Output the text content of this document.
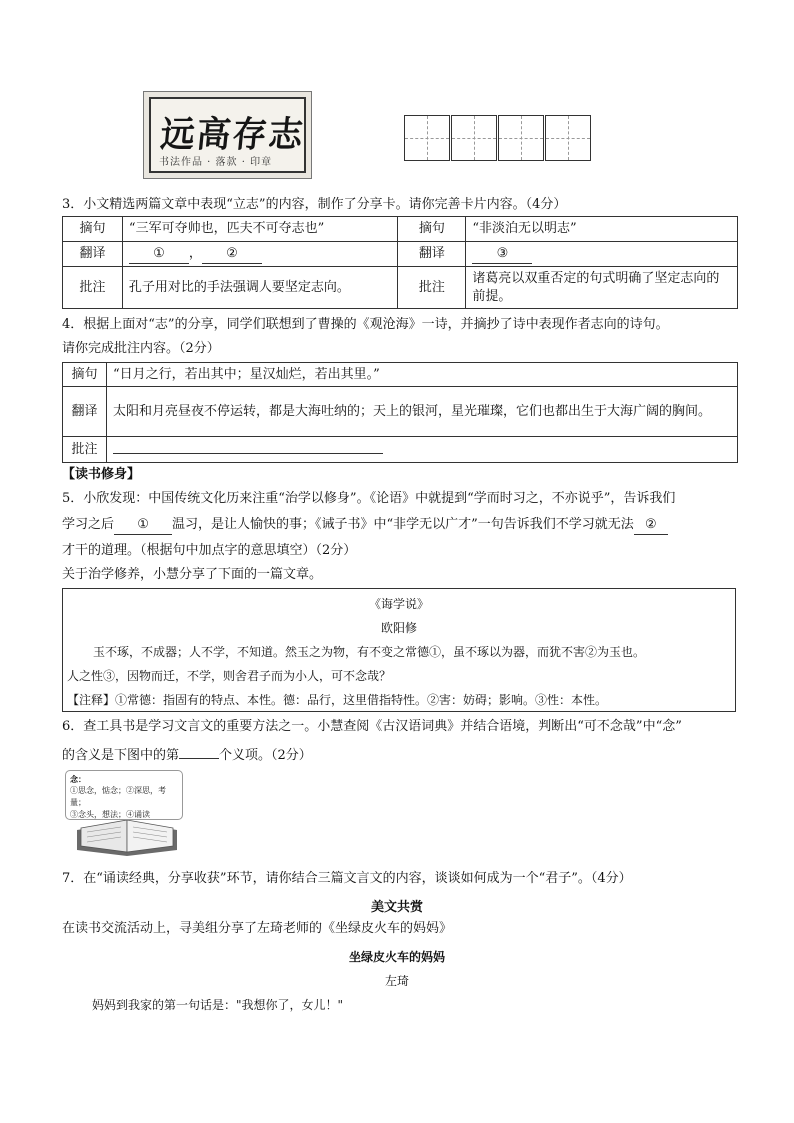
志存高远
书法作品 · 落款 · 印章
3．小文精选两篇文章中表现“立志”的内容，制作了分享卡。请你完善卡片内容。（4分）
摘句	“三军可夺帅也，匹夫不可夺志也”	摘句	“非淡泊无以明志”
翻译	① ， ②	翻译	③
批注	孔子用对比的手法强调人要坚定志向。	批注	诸葛亮以双重否定的句式明确了坚定志向的前提。
4．根据上面对“志”的分享，同学们联想到了曹操的《观沧海》一诗，并摘抄了诗中表现作者志向的诗句。
请你完成批注内容。（2分）
摘句	“日月之行，若出其中；星汉灿烂，若出其里。”
翻译	太阳和月亮昼夜不停运转，都是大海吐纳的；天上的银河，星光璀璨，它们也都出生于大海广阔的胸间。
批注	
【读书修身】
5．小欣发现：中国传统文化历来注重“治学以修身”。《论语》中就提到“学而时习之，不亦说乎”，告诉我们
学习之后 ① 温习，是让人愉快的事；《诫子书》中“非学无以广才”一句告诉我们不学习就无法 ②
才干的道理。（根据句中加点字的意思填空）（2分）
关于治学修养，小慧分享了下面的一篇文章。
《诲学说》
欧阳修
玉不琢，不成器；人不学，不知道。然玉之为物，有不变之常德①，虽不琢以为器，而犹不害②为玉也。
人之性③，因物而迁，不学，则舍君子而为小人，可不念哉？
【注释】①常德：指固有的特点、本性。德：品行，这里借指特性。②害：妨碍；影响。③性：本性。
6．查工具书是学习文言文的重要方法之一。小慧查阅《古汉语词典》并结合语境，判断出“可不念哉”中“念”
的含义是下图中的第	个义项。（2分）
念：
①思念，惦念；②深思，考量；
③念头，想法；④诵读
7．在“诵读经典，分享收获”环节，请你结合三篇文言文的内容，谈谈如何成为一个“君子”。（4分）
美文共赏
在读书交流活动上，寻美组分享了左琦老师的《坐绿皮火车的妈妈》
坐绿皮火车的妈妈
左琦
妈妈到我家的第一句话是："我想你了，女儿！"
